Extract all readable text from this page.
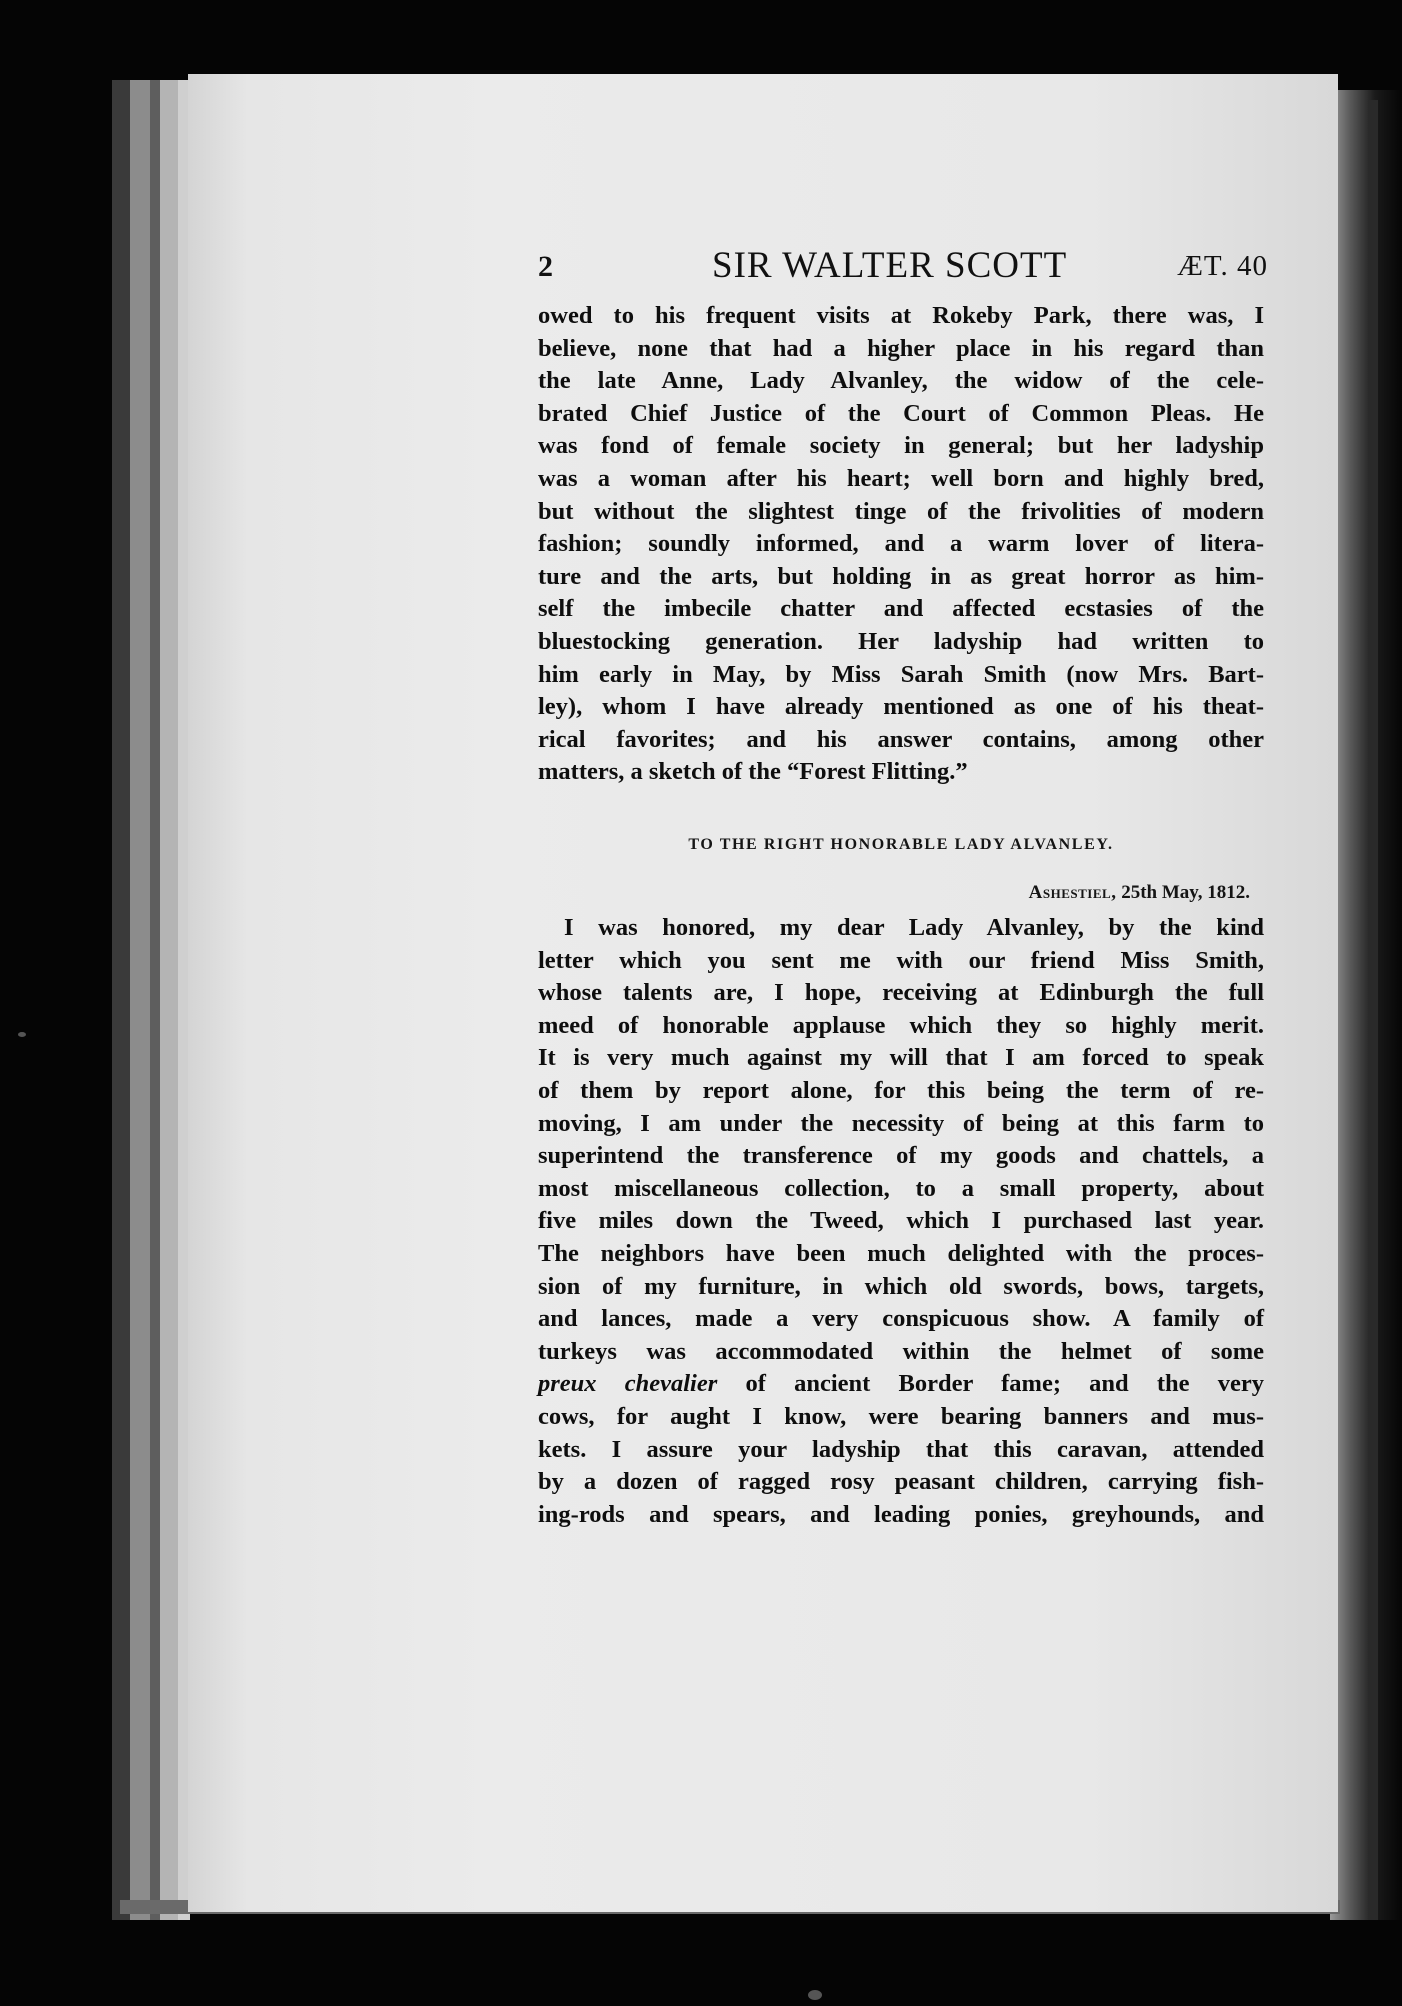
2	SIR WALTER SCOTT	ÆT. 40
owed to his frequent visits at Rokeby Park, there was, I
believe, none that had a higher place in his regard than
the late Anne, Lady Alvanley, the widow of the cele-
brated Chief Justice of the Court of Common Pleas. He
was fond of female society in general; but her ladyship
was a woman after his heart; well born and highly bred,
but without the slightest tinge of the frivolities of modern
fashion; soundly informed, and a warm lover of litera-
ture and the arts, but holding in as great horror as him-
self the imbecile chatter and affected ecstasies of the
bluestocking generation. Her ladyship had written to
him early in May, by Miss Sarah Smith (now Mrs. Bart-
ley), whom I have already mentioned as one of his theat-
rical favorites; and his answer contains, among other
matters, a sketch of the “Forest Flitting.”
TO THE RIGHT HONORABLE LADY ALVANLEY.
Ashestiel, 25th May, 1812.
I was honored, my dear Lady Alvanley, by the kind
letter which you sent me with our friend Miss Smith,
whose talents are, I hope, receiving at Edinburgh the full
meed of honorable applause which they so highly merit.
It is very much against my will that I am forced to speak
of them by report alone, for this being the term of re-
moving, I am under the necessity of being at this farm to
superintend the transference of my goods and chattels, a
most miscellaneous collection, to a small property, about
five miles down the Tweed, which I purchased last year.
The neighbors have been much delighted with the proces-
sion of my furniture, in which old swords, bows, targets,
and lances, made a very conspicuous show. A family of
turkeys was accommodated within the helmet of some
preux chevalier of ancient Border fame; and the very
cows, for aught I know, were bearing banners and mus-
kets. I assure your ladyship that this caravan, attended
by a dozen of ragged rosy peasant children, carrying fish-
ing-rods and spears, and leading ponies, greyhounds, and
